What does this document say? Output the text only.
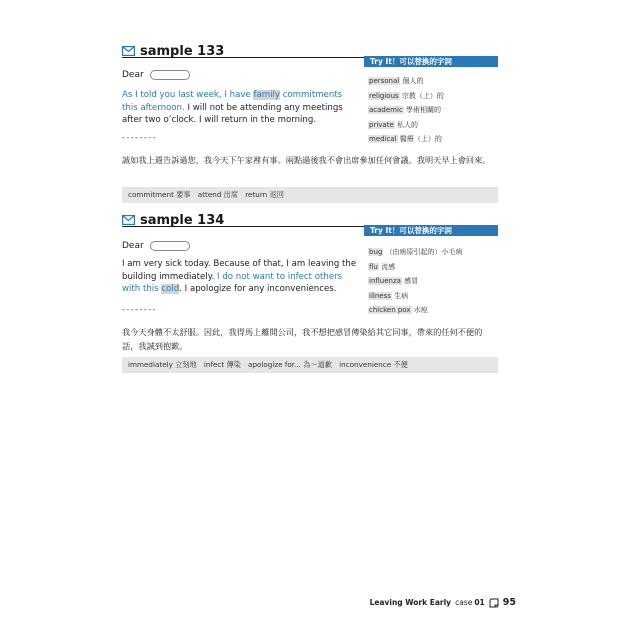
sample 133
Try It！可以替換的字詞
Dear
As I told you last week, I have family commitments this afternoon. I will not be attending any meetings after two o’clock. I will return in the morning.
--------
personal 個人的
religious 宗教（上）的
academic 學術相關的
private 私人的
medical 醫療（上）的
誠如我上週告訴過您，我今天下午家裡有事。兩點過後我不會出席參加任何會議。我明天早上會回來。
commitment 要事　attend 出席　return 返回
sample 134
Try It！可以替換的字詞
Dear
I am very sick today. Because of that, I am leaving the building immediately. I do not want to infect others with this cold. I apologize for any inconveniences.
--------
bug （由病原引起的）小毛病
flu 流感
influenza 感冒
illness 生病
chicken pox 水痘
我今天身體不太舒服。因此，我得馬上離開公司，我不想把感冒傳染給其它同事，帶來的任何不便的話，我誠到抱歉。
immediately 立刻地　infect 傳染　apologize for... 為～道歉　inconvenience 不便
Leaving Work Early case 01 95
